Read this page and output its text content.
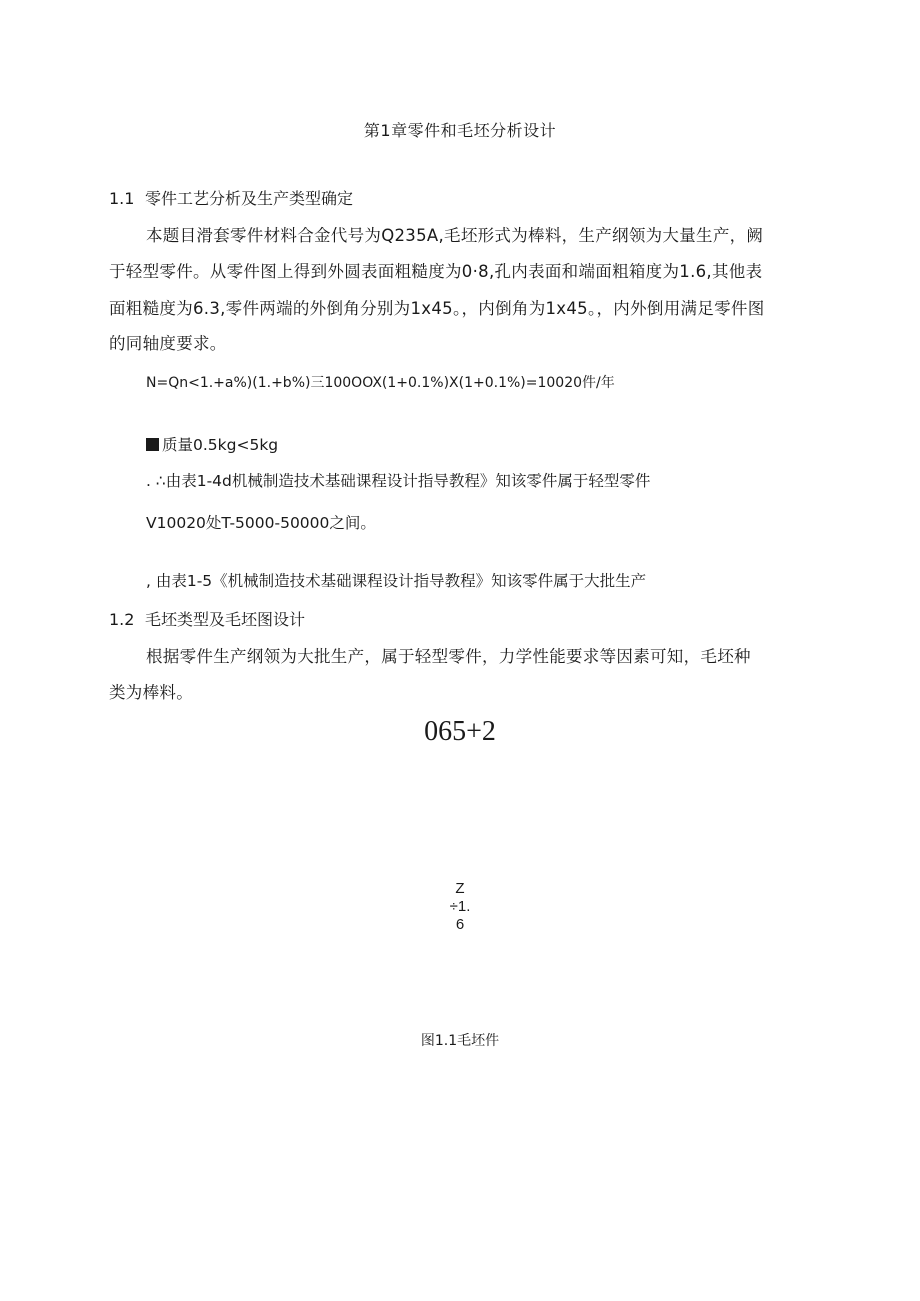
第1章零件和毛坯分析设计
1.1 零件工艺分析及生产类型确定
本题目滑套零件材料合金代号为Q235A,毛坯形式为棒料，生产纲领为大量生产，阙
于轻型零件。从零件图上得到外圆表面粗糙度为0·8,孔内表面和端面粗箱度为1.6,其他表
面粗糙度为6.3,零件两端的外倒角分别为1x45。，内倒角为1x45。，内外倒用满足零件图
的同轴度要求。
N=Qn<1.+a%)(1.+b%)三100OOX(1+0.1%)X(1+0.1%)=10020件/年
质量0.5kg<5kg
. ∴由表1-4d机械制造技术基础课程设计指导教程》知该零件属于轻型零件
V10020处T-5000-50000之间。
, 由表1-5《机械制造技术基础课程设计指导教程》知该零件属于大批生产
1.2 毛坯类型及毛坯图设计
根据零件生产纲领为大批生产，属于轻型零件，力学性能要求等因素可知，毛坯种
类为棒料。
065+2
Z
÷1.
6
图1.1毛坯件
